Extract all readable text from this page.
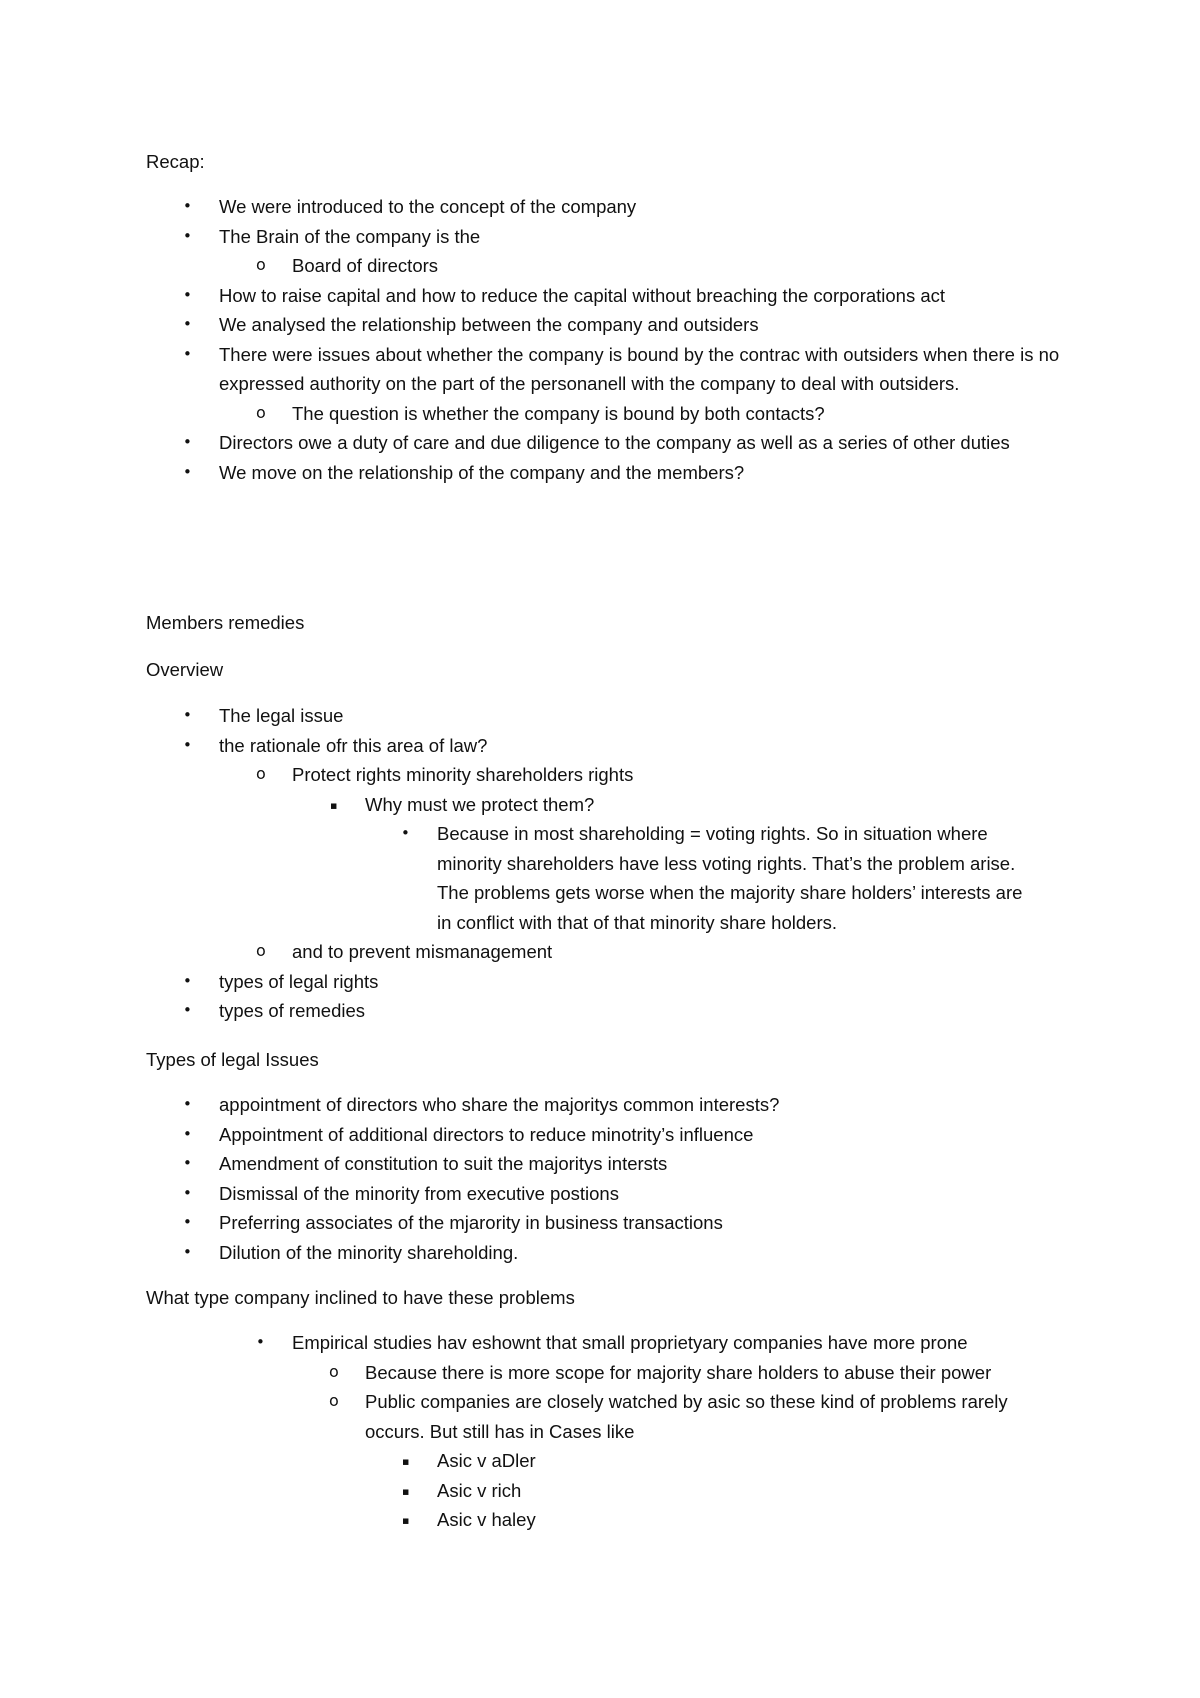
Recap:

• We were introduced to the concept of the company
• The Brain of the company is the
o Board of directors
• How to raise capital and how to reduce the capital without breaching the corporations act
• We analysed the relationship between the company and outsiders
• There were issues about whether the company is bound by the contrac with outsiders when there is no expressed authority on the part of the personanell with the company to deal with outsiders.
o The question is whether the company is bound by both contacts?
• Directors owe a duty of care and due diligence to the company as well as a series of other duties
• We move on the relationship of the company and the members?

Members remedies

Overview

• The legal issue
• the rationale ofr this area of law?
o Protect rights minority shareholders rights
▪ Why must we protect them?
• Because in most shareholding = voting rights. So in situation where minority shareholders have less voting rights. That’s the problem arise. The problems gets worse when the majority share holders’ interests are in conflict with that of that minority share holders.
o and to prevent mismanagement
• types of legal rights
• types of remedies

Types of legal Issues

• appointment of directors who share the majoritys common interests?
• Appointment of additional directors to reduce minotrity’s influence
• Amendment of constitution to suit the majoritys intersts
• Dismissal of the minority from executive postions
• Preferring associates of the mjarority in business transactions
• Dilution of the minority shareholding.

What type company inclined to have these problems

• Empirical studies hav eshownt that small proprietyary companies have more prone
o Because there is more scope for majority share holders to abuse their power
o Public companies are closely watched by asic so these kind of problems rarely occurs. But still has in Cases like
▪ Asic v aDler
▪ Asic v rich
▪ Asic v haley
